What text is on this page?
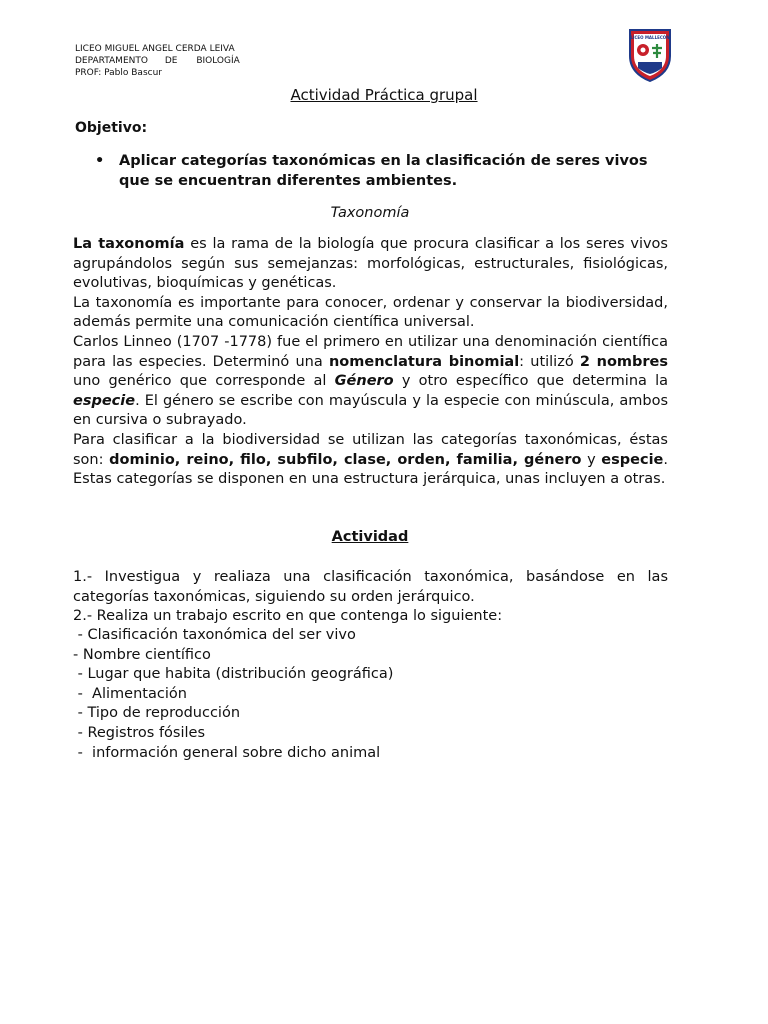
LICEO MIGUEL ANGEL CERDA LEIVA
DEPARTAMENTO DE BIOLOGÍA
PROF: Pablo Bascur
LICEO MALLECÓN
Actividad Práctica grupal
Objetivo:
• Aplicar categorías taxonómicas en la clasificación de seres vivos que se encuentran diferentes ambientes.
Taxonomía

La taxonomía es la rama de la biología que procura clasificar a los seres vivos agrupándolos según sus semejanzas: morfológicas, estructurales, fisiológicas, evolutivas, bioquímicas y genéticas.

La taxonomía es importante para conocer, ordenar y conservar la biodiversidad, además permite una comunicación científica universal.

Carlos Linneo (1707 -1778) fue el primero en utilizar una denominación científica para las especies. Determinó una nomenclatura binomial: utilizó 2 nombres uno genérico que corresponde al Género y otro específico que determina la especie. El género se escribe con mayúscula y la especie con minúscula, ambos en cursiva o subrayado.

Para clasificar a la biodiversidad se utilizan las categorías taxonómicas, éstas son: dominio, reino, filo, subfilo, clase, orden, familia, género y especie. Estas categorías se disponen en una estructura jerárquica, unas incluyen a otras.

Actividad

1.- Investigua y realiaza una clasificación taxonómica, basándose en las categorías taxonómicas, siguiendo su orden jerárquico.

2.- Realiza un trabajo escrito en que contenga lo siguiente:

- Clasificación taxonómica del ser vivo
- Nombre científico
- Lugar que habita (distribución geográfica)
-  Alimentación
- Tipo de reproducción
- Registros fósiles
-  información general sobre dicho animal
